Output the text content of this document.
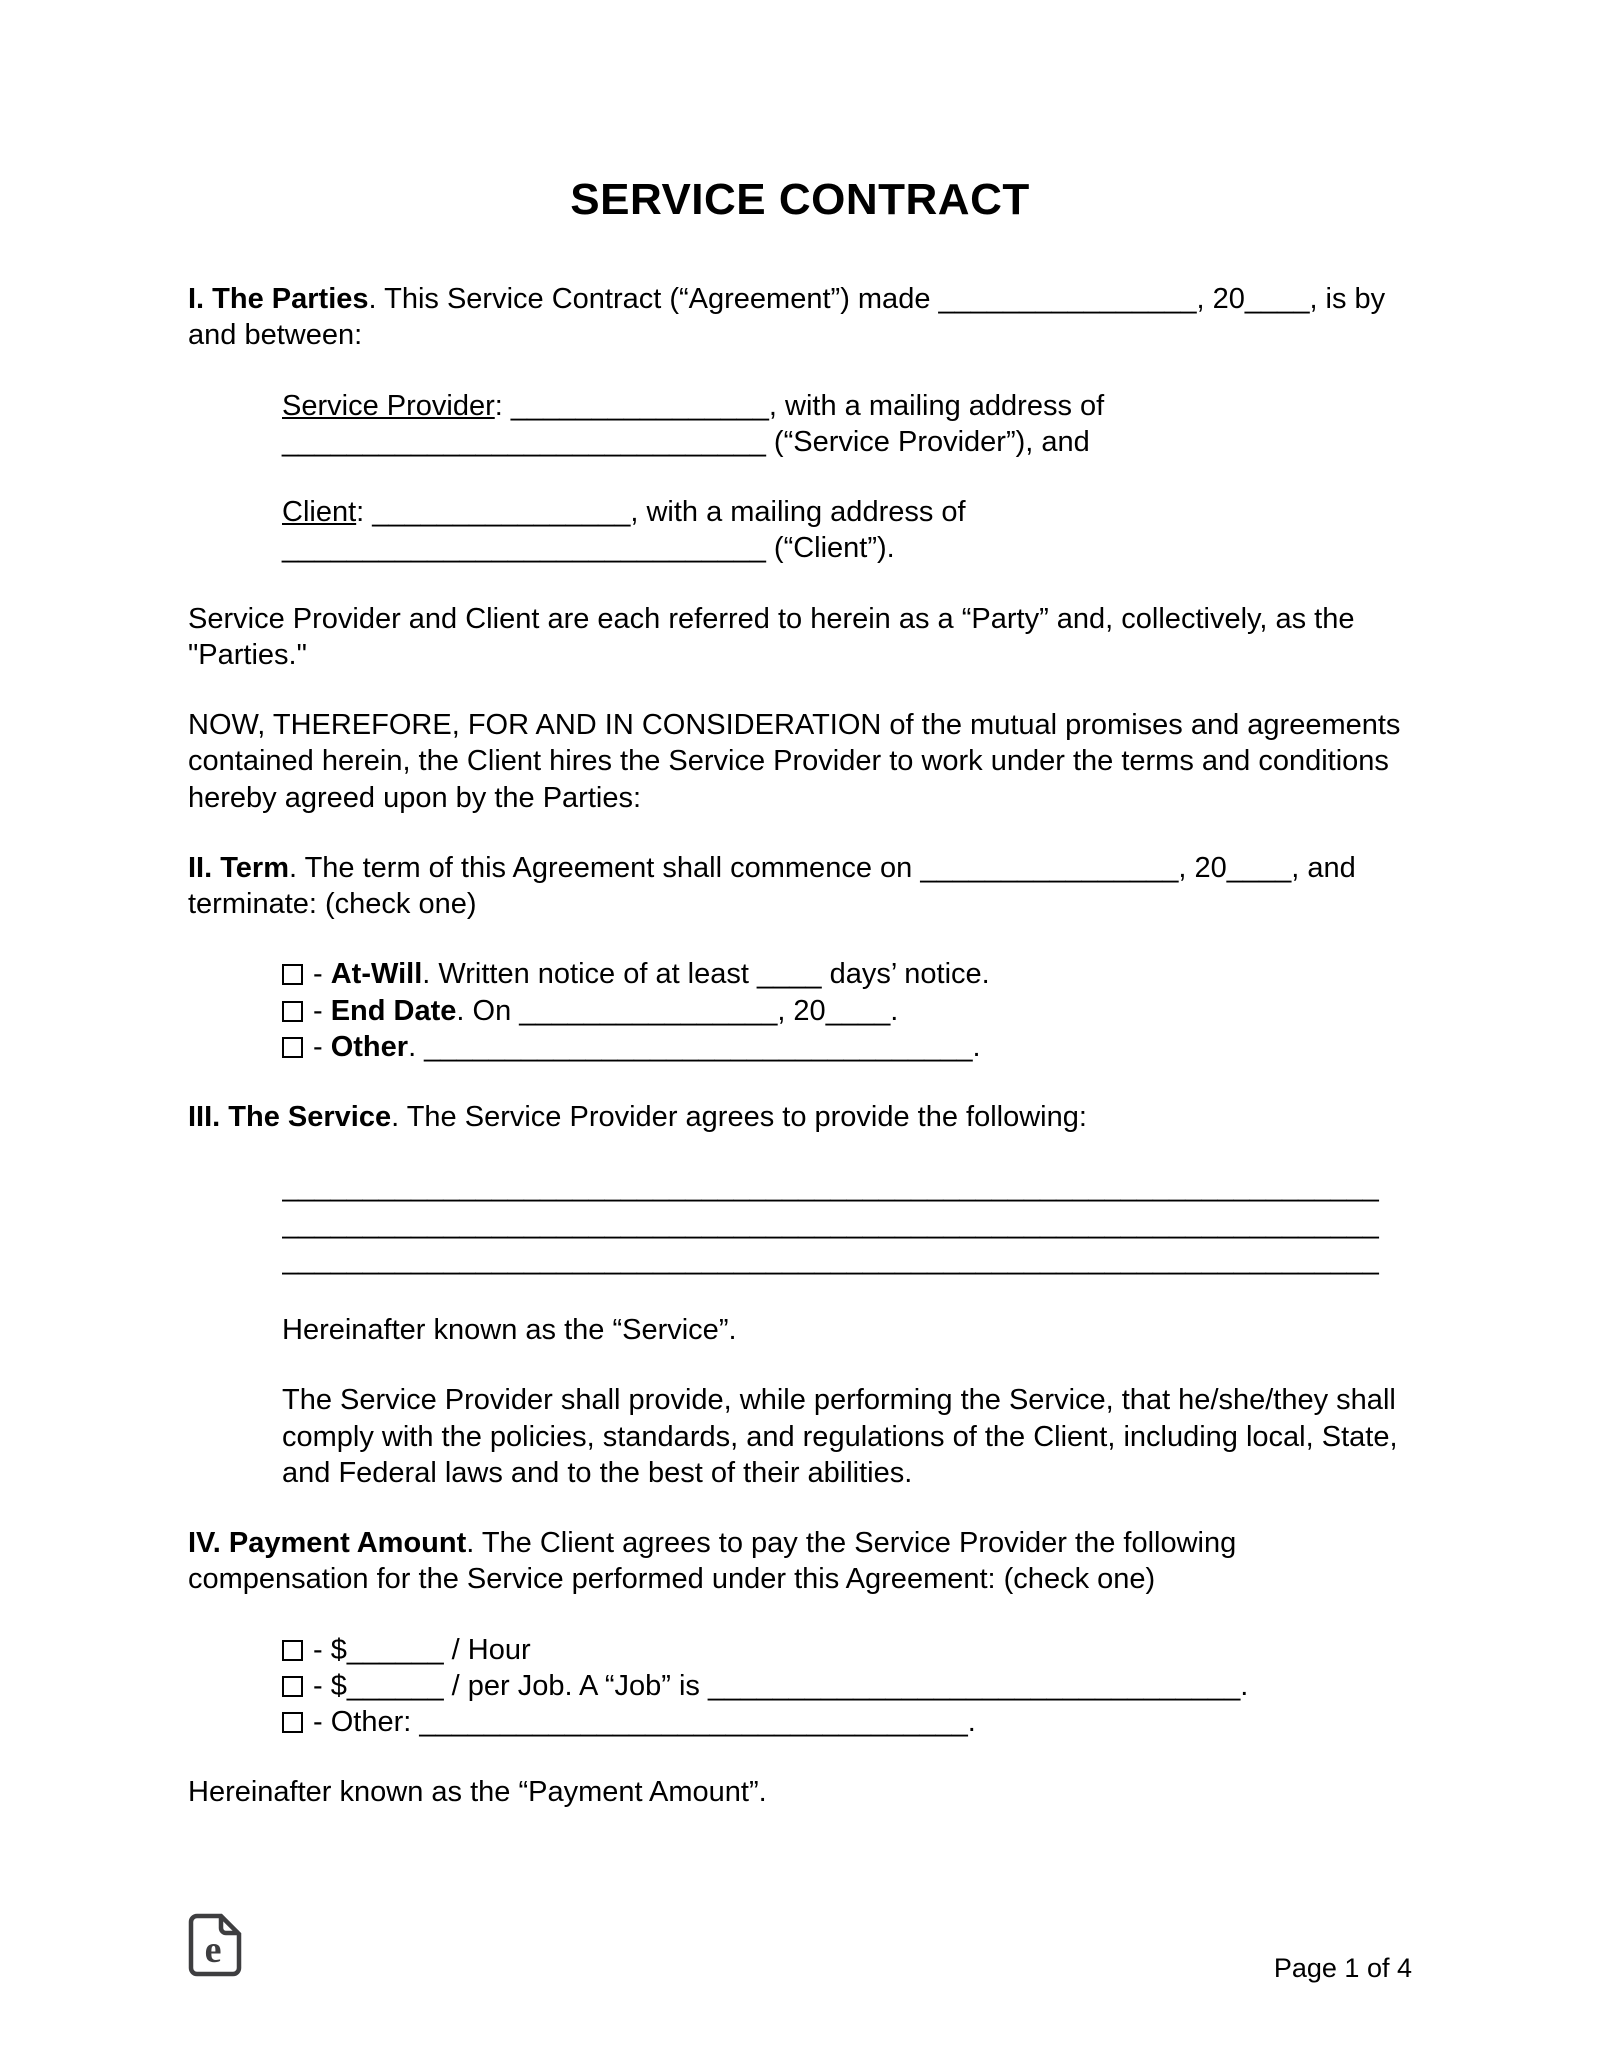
SERVICE CONTRACT

I. The Parties. This Service Contract (“Agreement”) made ________________, 20____, is by and between:

Service Provider: ________________, with a mailing address of ______________________________ (“Service Provider”), and

Client: ________________, with a mailing address of ______________________________ (“Client”).

Service Provider and Client are each referred to herein as a “Party” and, collectively, as the "Parties."

NOW, THEREFORE, FOR AND IN CONSIDERATION of the mutual promises and agreements contained herein, the Client hires the Service Provider to work under the terms and conditions hereby agreed upon by the Parties:

II. Term. The term of this Agreement shall commence on ________________, 20____, and terminate: (check one)

- At-Will. Written notice of at least ____ days’ notice.
- End Date. On ________________, 20____.
- Other. __________________________________.

III. The Service. The Service Provider agrees to provide the following:

____________________________________________________________________
____________________________________________________________________
____________________________________________________________________

Hereinafter known as the “Service”.

The Service Provider shall provide, while performing the Service, that he/she/they shall comply with the policies, standards, and regulations of the Client, including local, State, and Federal laws and to the best of their abilities.

IV. Payment Amount. The Client agrees to pay the Service Provider the following compensation for the Service performed under this Agreement: (check one)

- $______ / Hour
- $______ / per Job. A “Job” is _________________________________.
- Other: __________________________________.

Hereinafter known as the “Payment Amount”.

e	Page 1 of 4
